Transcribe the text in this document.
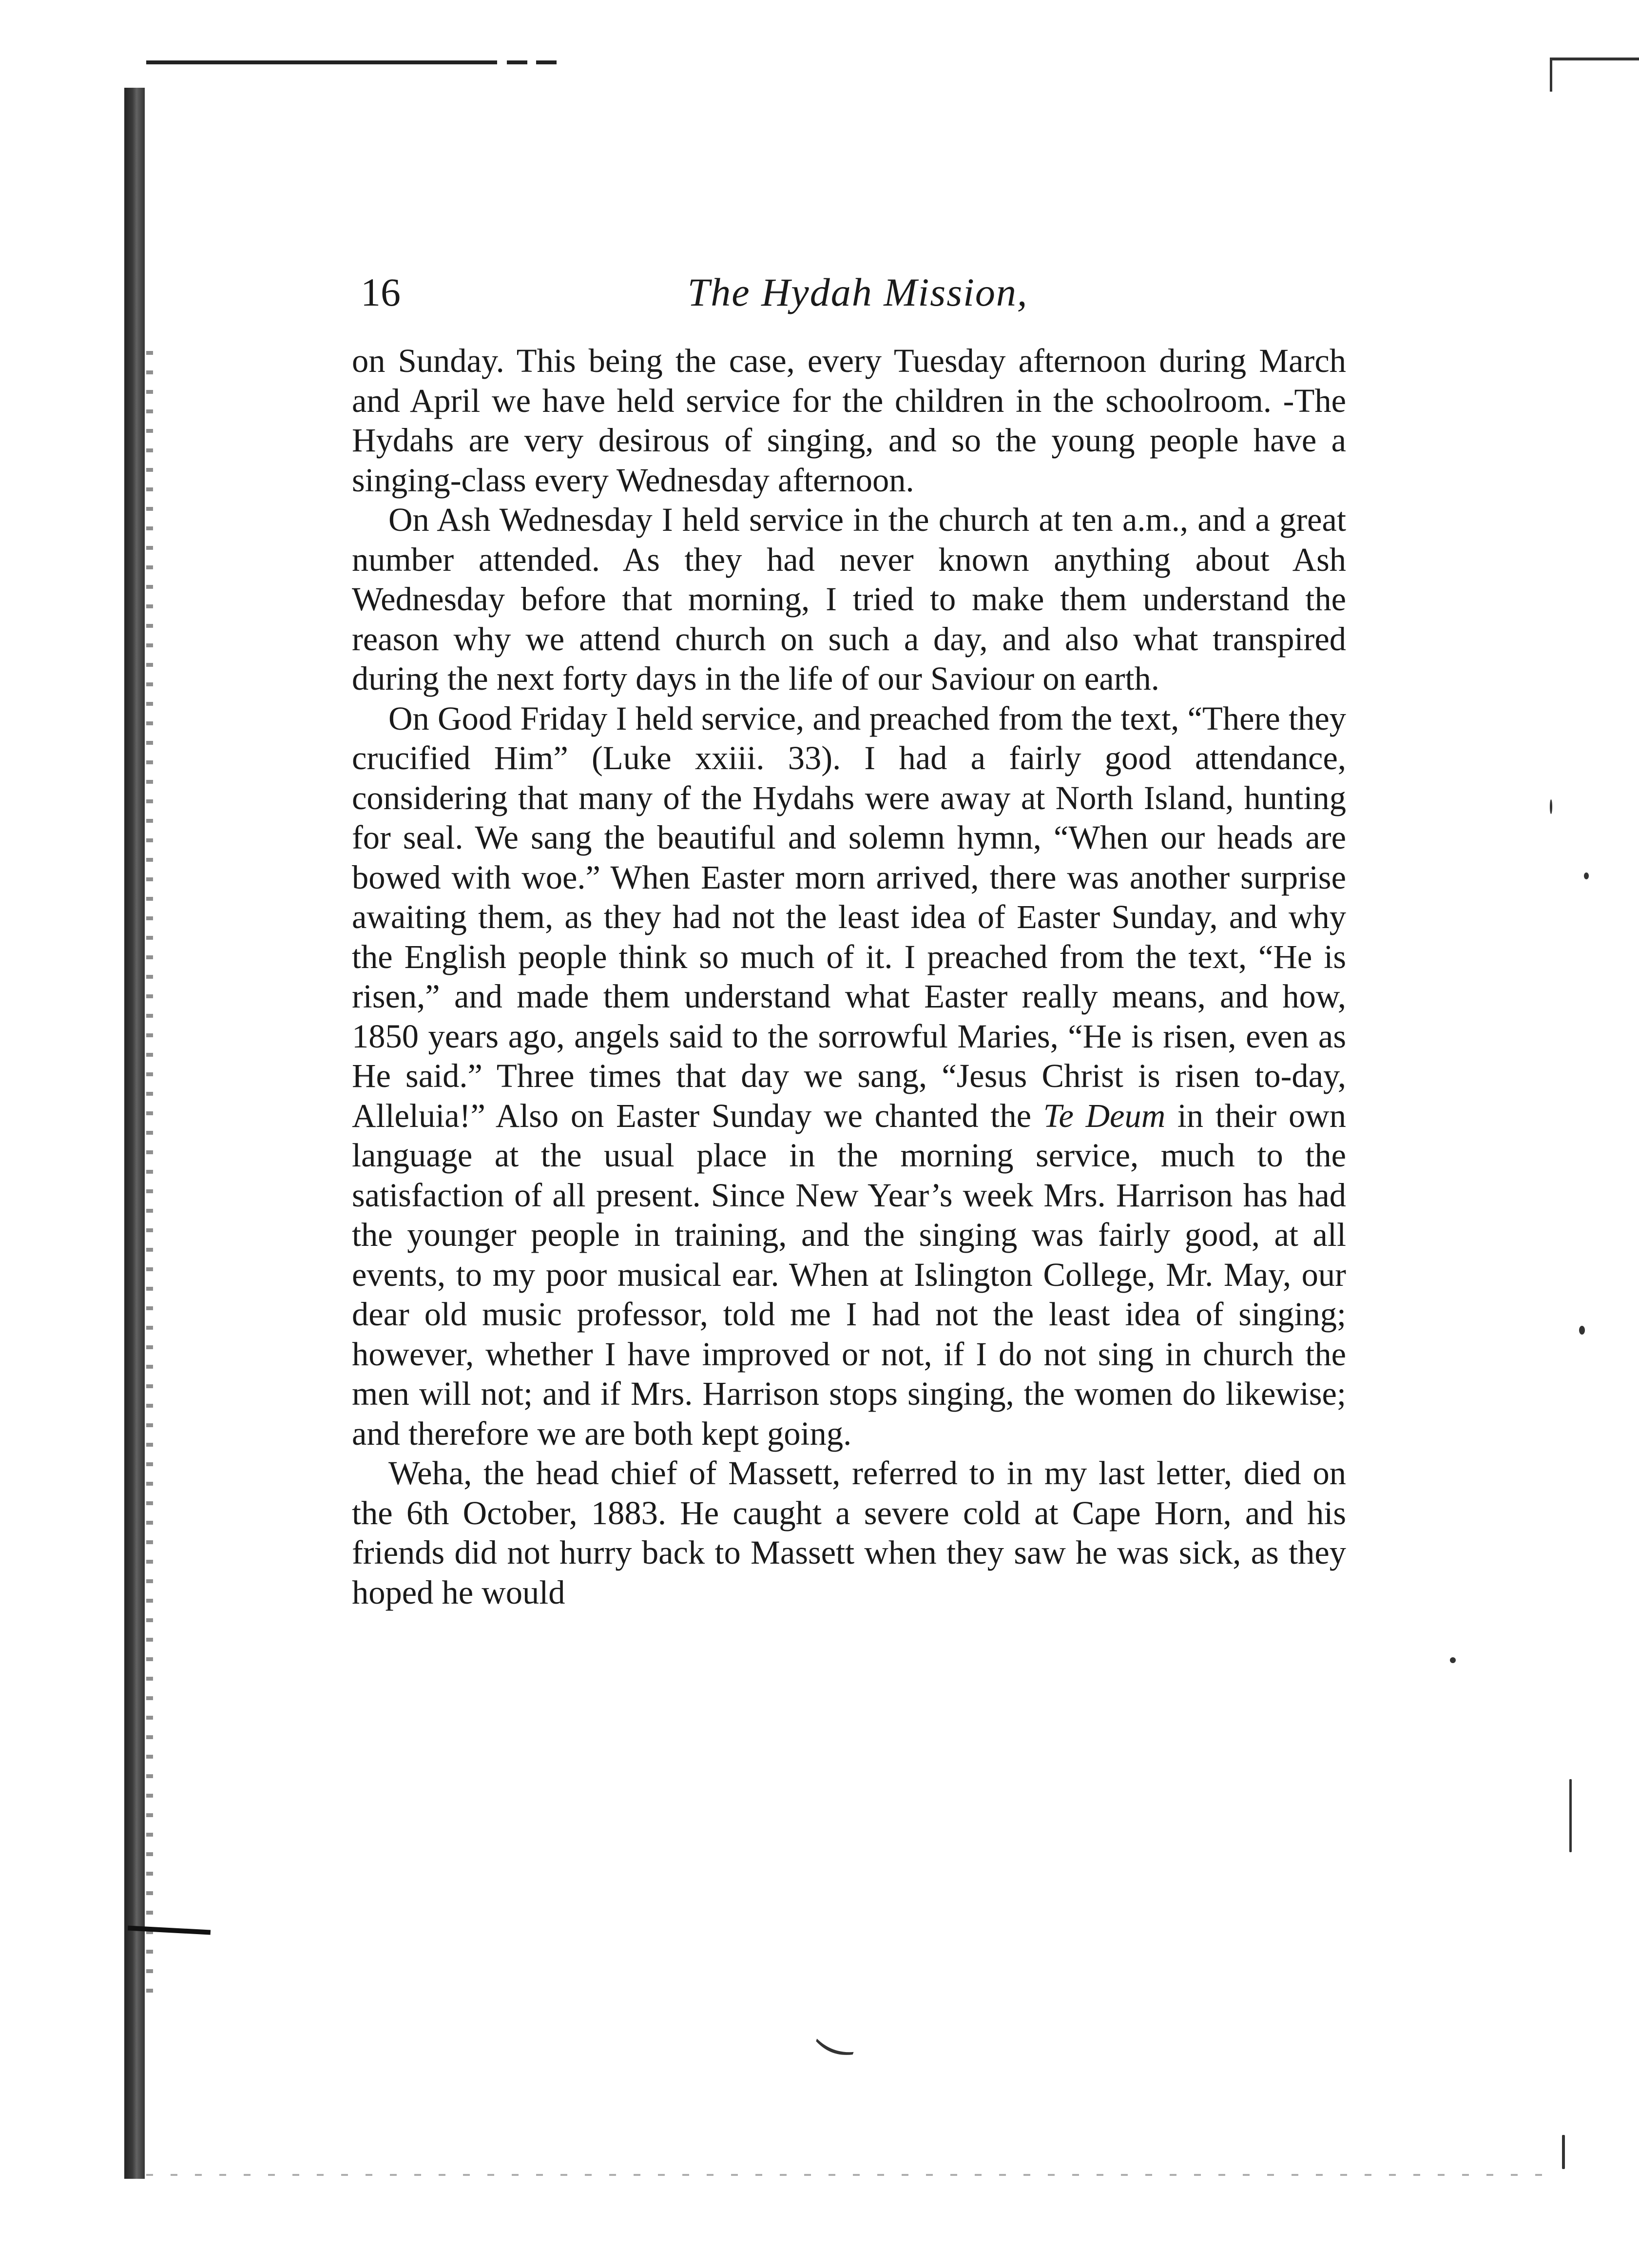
‿
16	The Hydah Mission,

on Sunday. This being the case, every Tuesday afternoon during March and April we have held service for the children in the schoolroom. -The Hydahs are very desirous of singing, and so the young people have a singing-class every Wednesday afternoon.

On Ash Wednesday I held service in the church at ten a.m., and a great number attended. As they had never known anything about Ash Wednesday before that morning, I tried to make them understand the reason why we attend church on such a day, and also what transpired during the next forty days in the life of our Saviour on earth.

On Good Friday I held service, and preached from the text, “There they crucified Him” (Luke xxiii. 33). I had a fairly good attendance, considering that many of the Hydahs were away at North Island, hunting for seal. We sang the beautiful and solemn hymn, “When our heads are bowed with woe.” When Easter morn arrived, there was another surprise awaiting them, as they had not the least idea of Easter Sunday, and why the English people think so much of it. I preached from the text, “He is risen,” and made them understand what Easter really means, and how, 1850 years ago, angels said to the sorrowful Maries, “He is risen, even as He said.” Three times that day we sang, “Jesus Christ is risen to-day, Alleluia!” Also on Easter Sunday we chanted the Te Deum in their own language at the usual place in the morning service, much to the satisfaction of all present. Since New Year’s week Mrs. Harrison has had the younger people in training, and the singing was fairly good, at all events, to my poor musical ear. When at Islington College, Mr. May, our dear old music professor, told me I had not the least idea of singing; however, whether I have improved or not, if I do not sing in church the men will not; and if Mrs. Harrison stops singing, the women do likewise; and therefore we are both kept going.

Weha, the head chief of Massett, referred to in my last letter, died on the 6th October, 1883. He caught a severe cold at Cape Horn, and his friends did not hurry back to Massett when they saw he was sick, as they hoped he would
